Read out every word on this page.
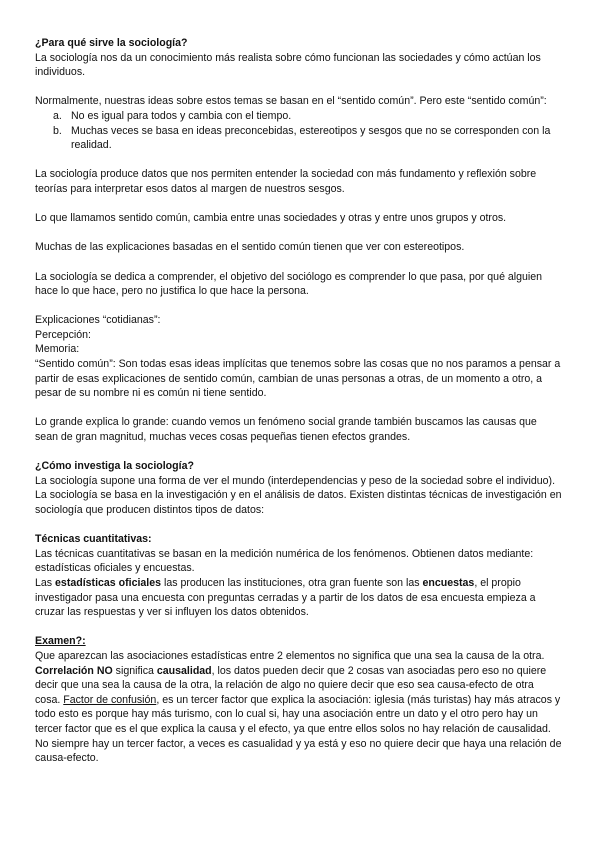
¿Para qué sirve la sociología?

La sociología nos da un conocimiento más realista sobre cómo funcionan las sociedades y cómo actúan los individuos.

Normalmente, nuestras ideas sobre estos temas se basan en el “sentido común”. Pero este “sentido común”:

a. No es igual para todos y cambia con el tiempo.
b. Muchas veces se basa en ideas preconcebidas, estereotipos y sesgos que no se corresponden con la realidad.

La sociología produce datos que nos permiten entender la sociedad con más fundamento y reflexión sobre teorías para interpretar esos datos al margen de nuestros sesgos.

Lo que llamamos sentido común, cambia entre unas sociedades y otras y entre unos grupos y otros.

Muchas de las explicaciones basadas en el sentido común tienen que ver con estereotipos.

La sociología se dedica a comprender, el objetivo del sociólogo es comprender lo que pasa, por qué alguien hace lo que hace, pero no justifica lo que hace la persona.

Explicaciones “cotidianas”:

Percepción:

Memoria:

“Sentido común”: Son todas esas ideas implícitas que tenemos sobre las cosas que no nos paramos a pensar a partir de esas explicaciones de sentido común, cambian de unas personas a otras, de un momento a otro, a pesar de su nombre ni es común ni tiene sentido.

Lo grande explica lo grande: cuando vemos un fenómeno social grande también buscamos las causas que sean de gran magnitud, muchas veces cosas pequeñas tienen efectos grandes.

¿Cómo investiga la sociología?

La sociología supone una forma de ver el mundo (interdependencias y peso de la sociedad sobre el individuo).

La sociología se basa en la investigación y en el análisis de datos. Existen distintas técnicas de investigación en sociología que producen distintos tipos de datos:

Técnicas cuantitativas:

Las técnicas cuantitativas se basan en la medición numérica de los fenómenos. Obtienen datos mediante: estadísticas oficiales y encuestas.

Las estadísticas oficiales las producen las instituciones, otra gran fuente son las encuestas, el propio investigador pasa una encuesta con preguntas cerradas y a partir de los datos de esa encuesta empieza a cruzar las respuestas y ver si influyen los datos obtenidos.

Examen?:

Que aparezcan las asociaciones estadísticas entre 2 elementos no significa que una sea la causa de la otra. Correlación NO significa causalidad, los datos pueden decir que 2 cosas van asociadas pero eso no quiere decir que una sea la causa de la otra, la relación de algo no quiere decir que eso sea causa-efecto de otra cosa. Factor de confusión, es un tercer factor que explica la asociación: iglesia (más turistas) hay más atracos y todo esto es porque hay más turismo, con lo cual si, hay una asociación entre un dato y el otro pero hay un tercer factor que es el que explica la causa y el efecto, ya que entre ellos solos no hay relación de causalidad.

No siempre hay un tercer factor, a veces es casualidad y ya está y eso no quiere decir que haya una relación de causa-efecto.
